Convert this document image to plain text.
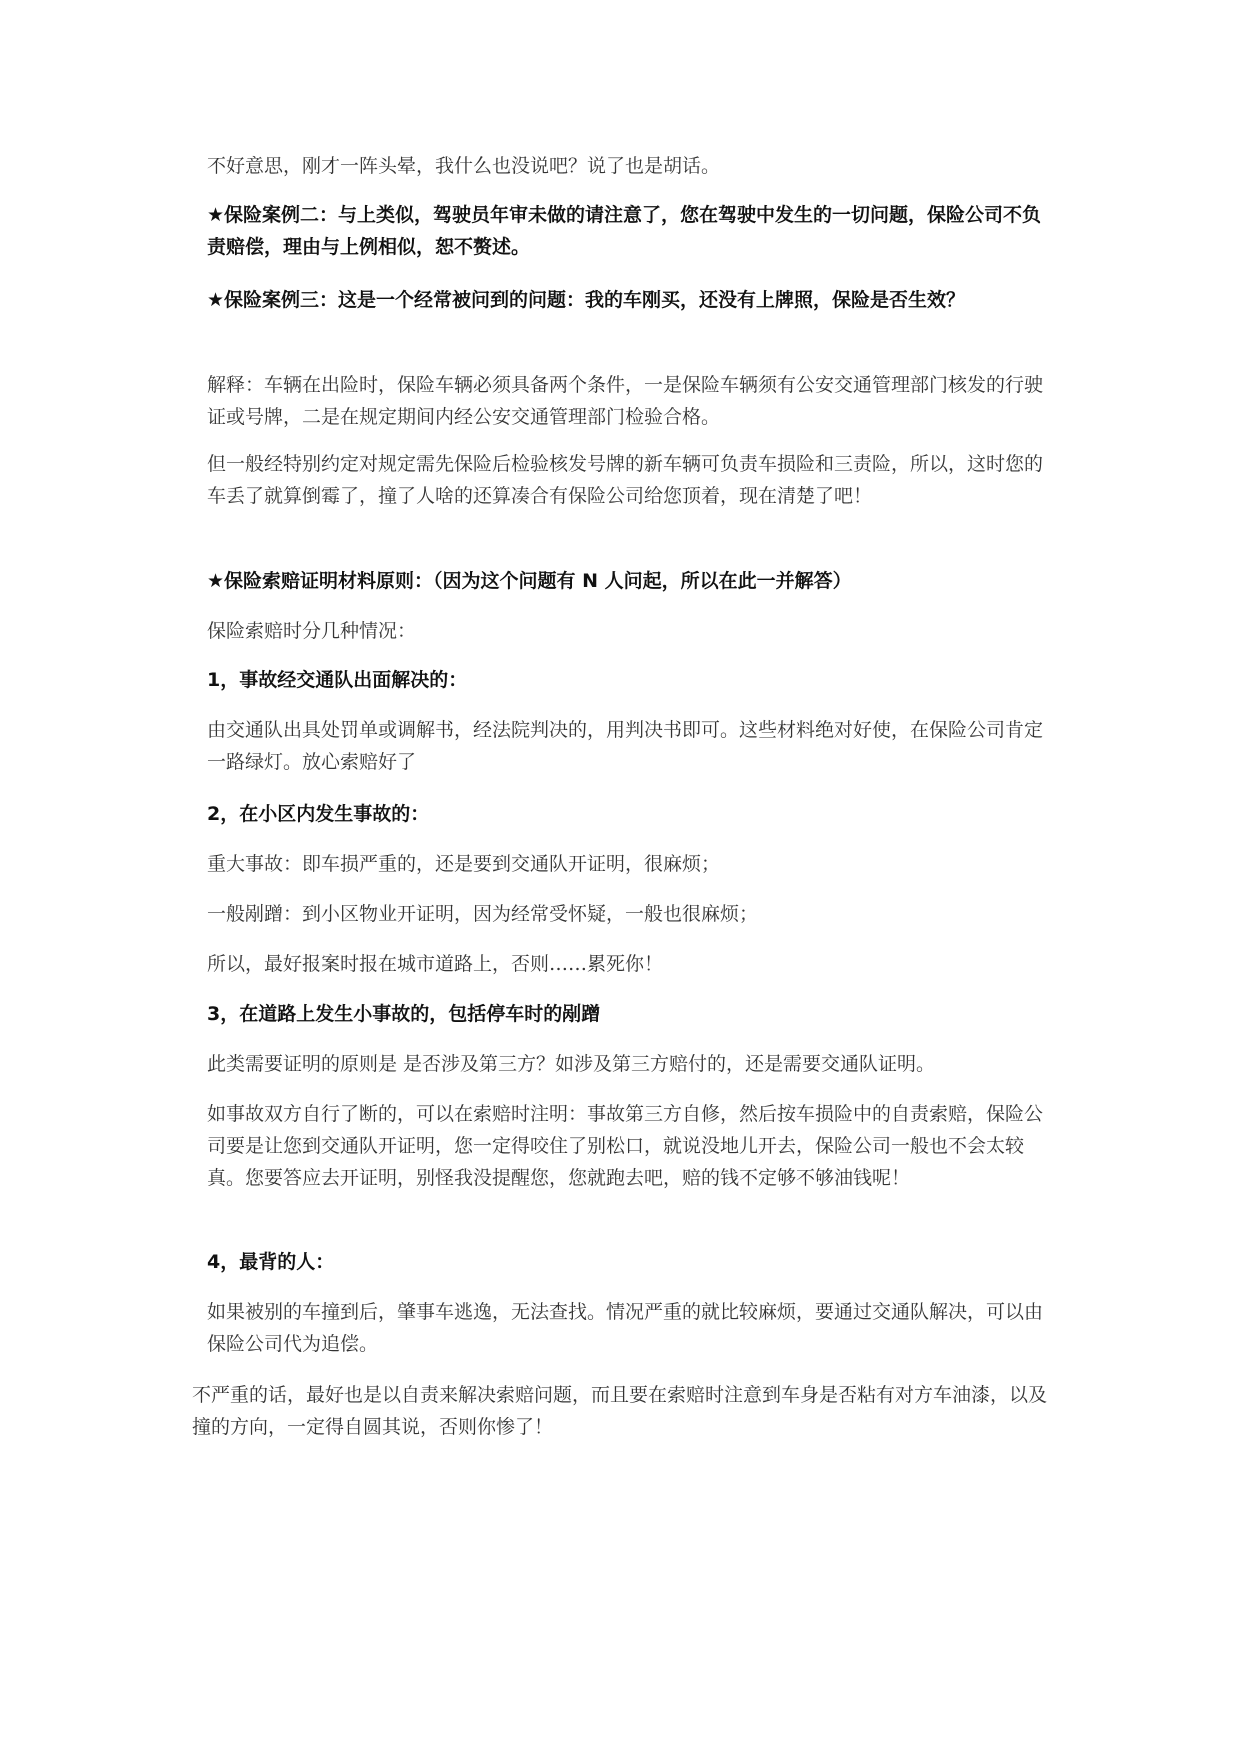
不好意思，刚才一阵头晕，我什么也没说吧？说了也是胡话。

★保险案例二：与上类似，驾驶员年审未做的请注意了，您在驾驶中发生的一切问题，保险公司不负责赔偿，理由与上例相似，恕不赘述。

★保险案例三：这是一个经常被问到的问题：我的车刚买，还没有上牌照，保险是否生效？

解释：车辆在出险时，保险车辆必须具备两个条件，一是保险车辆须有公安交通管理部门核发的行驶证或号牌，二是在规定期间内经公安交通管理部门检验合格。

但一般经特别约定对规定需先保险后检验核发号牌的新车辆可负责车损险和三责险，所以，这时您的车丢了就算倒霉了，撞了人啥的还算凑合有保险公司给您顶着，现在清楚了吧！

★保险索赔证明材料原则：（因为这个问题有 N 人问起，所以在此一并解答）

保险索赔时分几种情况：

1，事故经交通队出面解决的：

由交通队出具处罚单或调解书，经法院判决的，用判决书即可。这些材料绝对好使，在保险公司肯定一路绿灯。放心索赔好了

2，在小区内发生事故的：

重大事故：即车损严重的，还是要到交通队开证明，很麻烦；

一般剐蹭：到小区物业开证明，因为经常受怀疑，一般也很麻烦；

所以，最好报案时报在城市道路上，否则……累死你！

3，在道路上发生小事故的，包括停车时的剐蹭

此类需要证明的原则是 是否涉及第三方？如涉及第三方赔付的，还是需要交通队证明。

如事故双方自行了断的，可以在索赔时注明：事故第三方自修，然后按车损险中的自责索赔，保险公司要是让您到交通队开证明，您一定得咬住了别松口，就说没地儿开去，保险公司一般也不会太较真。您要答应去开证明，别怪我没提醒您，您就跑去吧，赔的钱不定够不够油钱呢！

4，最背的人：

如果被别的车撞到后，肇事车逃逸，无法查找。情况严重的就比较麻烦，要通过交通队解决，可以由保险公司代为追偿。

不严重的话，最好也是以自责来解决索赔问题，而且要在索赔时注意到车身是否粘有对方车油漆，以及撞的方向，一定得自圆其说，否则你惨了！
